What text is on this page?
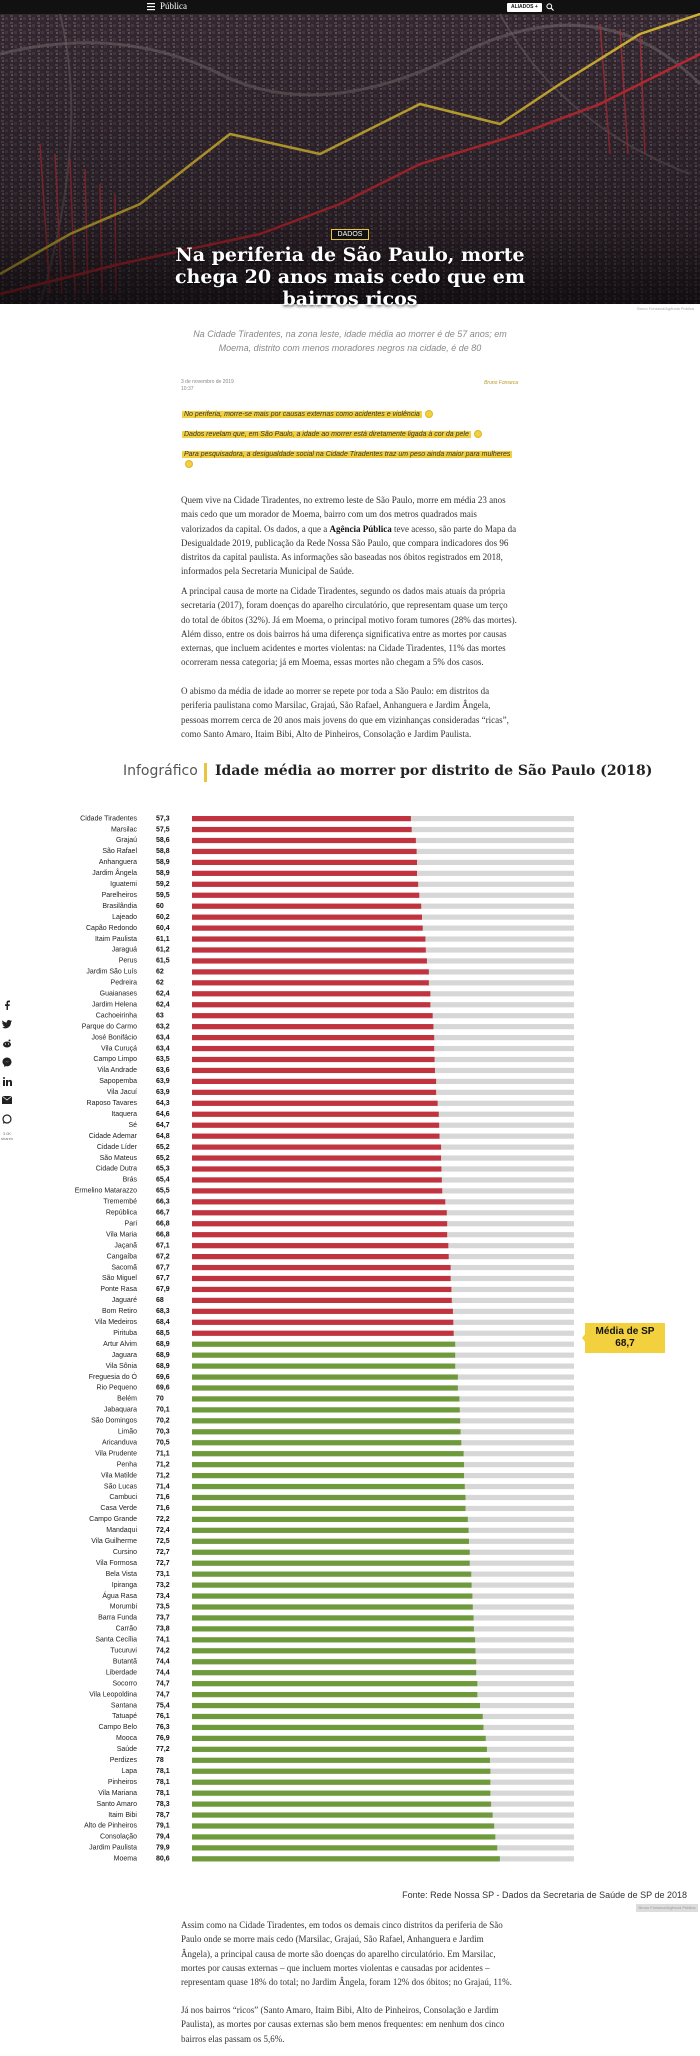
Pública	ALIADOS +
DADOS
Na periferia de São Paulo, morte chega 20 anos mais cedo que em bairros ricos	Bruno Fonseca/Agência Pública

Na Cidade Tiradentes, na zona leste, idade média ao morrer é de 57 anos; em Moema, distrito com menos moradores negros na cidade, é de 80

3 de novembro de 2019
10:37
Bruno Fonseca
No periferia, morre-se mais por causas externas como acidentes e violência
Dados revelam que, em São Paulo, a idade ao morrer está diretamente ligada à cor da pele
Para pesquisadora, a desigualdade social na Cidade Tiradentes traz um peso ainda maior para mulheres

Quem vive na Cidade Tiradentes, no extremo leste de São Paulo, morre em média 23 anos mais cedo que um morador de Moema, bairro com um dos metros quadrados mais valorizados da capital. Os dados, a que a Agência Pública teve acesso, são parte do Mapa da Desigualdade 2019, publicação da Rede Nossa São Paulo, que compara indicadores dos 96 distritos da capital paulista. As informações são baseadas nos óbitos registrados em 2018, informados pela Secretaria Municipal de Saúde.

A principal causa de morte na Cidade Tiradentes, segundo os dados mais atuais da própria secretaria (2017), foram doenças do aparelho circulatório, que representam quase um terço do total de óbitos (32%). Já em Moema, o principal motivo foram tumores (28% das mortes). Além disso, entre os dois bairros há uma diferença significativa entre as mortes por causas externas, que incluem acidentes e mortes violentas: na Cidade Tiradentes, 11% das mortes ocorreram nessa categoria; já em Moema, essas mortes não chegam a 5% dos casos.

O abismo da média de idade ao morrer se repete por toda a São Paulo: em distritos da periferia paulistana como Marsilac, Grajaú, São Rafael, Anhanguera e Jardim Ângela, pessoas morrem cerca de 20 anos mais jovens do que em vizinhanças consideradas “ricas”, como Santo Amaro, Itaim Bibi, Alto de Pinheiros, Consolação e Jardim Paulista.

Infográfico Idade média ao morrer por distrito de São Paulo (2018)
Cidade Tiradentes	57,3
Marsilac	57,5
Grajaú	58,6
São Rafael	58,8
Anhanguera	58,9
Jardim Ângela	58,9
Iguatemi	59,2
Parelheiros	59,5
Brasilândia	60
Lajeado	60,2
Capão Redondo	60,4
Itaim Paulista	61,1
Jaraguá	61,2
Perus	61,5
Jardim São Luís	62
Pedreira	62
Guaianases	62,4
Jardim Helena	62,4
Cachoeirinha	63
Parque do Carmo	63,2
José Bonifácio	63,4
Vila Curuçá	63,4
Campo Limpo	63,5
Vila Andrade	63,6
Sapopemba	63,9
Vila Jacuí	63,9
Raposo Tavares	64,3
Itaquera	64,6
Sé	64,7
Cidade Ademar	64,8
Cidade Líder	65,2
São Mateus	65,2
Cidade Dutra	65,3
Brás	65,4
Ermelino Matarazzo	65,5
Tremembé	66,3
República	66,7
Pari	66,8
Vila Maria	66,8
Jaçanã	67,1
Cangaíba	67,2
Sacomã	67,7
São Miguel	67,7
Ponte Rasa	67,9
Jaguaré	68
Bom Retiro	68,3
Vila Medeiros	68,4
Pirituba	68,5
Artur Alvim	68,9
Jaguara	68,9
Vila Sônia	68,9
Freguesia do Ó	69,6
Rio Pequeno	69,6
Belém	70
Jabaquara	70,1
São Domingos	70,2
Limão	70,3
Aricanduva	70,5
Vila Prudente	71,1
Penha	71,2
Vila Matilde	71,2
São Lucas	71,4
Cambuci	71,6
Casa Verde	71,6
Campo Grande	72,2
Mandaqui	72,4
Vila Guilherme	72,5
Cursino	72,7
Vila Formosa	72,7
Bela Vista	73,1
Ipiranga	73,2
Água Rasa	73,4
Morumbi	73,5
Barra Funda	73,7
Carrão	73,8
Santa Cecília	74,1
Tucuruvi	74,2
Butantã	74,4
Liberdade	74,4
Socorro	74,7
Vila Leopoldina	74,7
Santana	75,4
Tatuapé	76,1
Campo Belo	76,3
Mooca	76,9
Saúde	77,2
Perdizes	78
Lapa	78,1
Pinheiros	78,1
Vila Mariana	78,1
Santo Amaro	78,3
Itaim Bibi	78,7
Alto de Pinheiros	79,1
Consolação	79,4
Jardim Paulista	79,9
Moema	80,6
Média de SP
68,7
Fonte: Rede Nossa SP - Dados da Secretaria de Saúde de SP de 2018
Bruno Fonseca/Agência Pública

Assim como na Cidade Tiradentes, em todos os demais cinco distritos da periferia de São Paulo onde se morre mais cedo (Marsilac, Grajaú, São Rafael, Anhanguera e Jardim Ângela), a principal causa de morte são doenças do aparelho circulatório. Em Marsilac, mortes por causas externas – que incluem mortes violentas e causadas por acidentes – representam quase 18% do total; no Jardim Ângela, foram 12% dos óbitos; no Grajaú, 11%.

Já nos bairros “ricos” (Santo Amaro, Itaim Bibi, Alto de Pinheiros, Consolação e Jardim Paulista), as mortes por causas externas são bem menos frequentes: em nenhum dos cinco bairros elas passam os 5,6%.

3.0K
shares
